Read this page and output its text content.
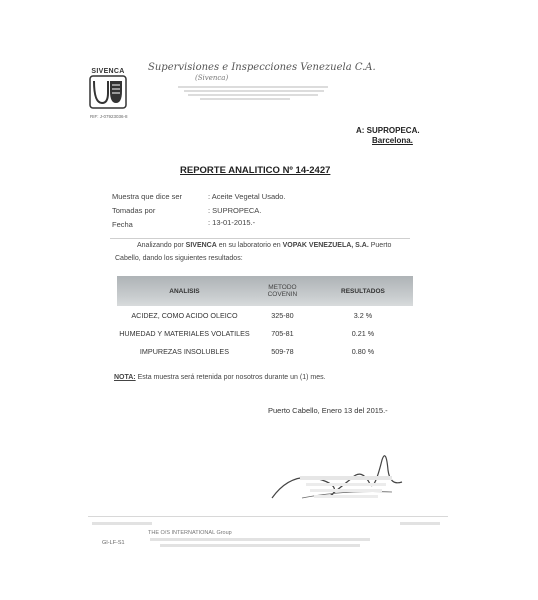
SIVENCA
RIF: J-07923036-8
Supervisiones e Inspecciones Venezuela C.A.
(Sivenca)
A: SUPROPECA.
Barcelona.
REPORTE ANALITICO Nº 14-2427
Muestra que dice ser	: Aceite Vegetal Usado.
Tomadas por	: SUPROPECA.
Fecha	: 13-01-2015.-
Analizando por SIVENCA en su laboratorio en VOPAK VENEZUELA, S.A. Puerto
Cabello, dando los siguientes resultados:
ANALISIS	METODO COVENIN	RESULTADOS
ACIDEZ, COMO ACIDO OLEICO	325-80	3.2 %
HUMEDAD Y MATERIALES VOLATILES	705-81	0.21 %
IMPUREZAS INSOLUBLES	509-78	0.80 %
NOTA: Esta muestra será retenida por nosotros durante un (1) mes.
Puerto Cabello, Enero 13 del 2015.-
THE O/S INTERNATIONAL Group
GI-LF-S1
